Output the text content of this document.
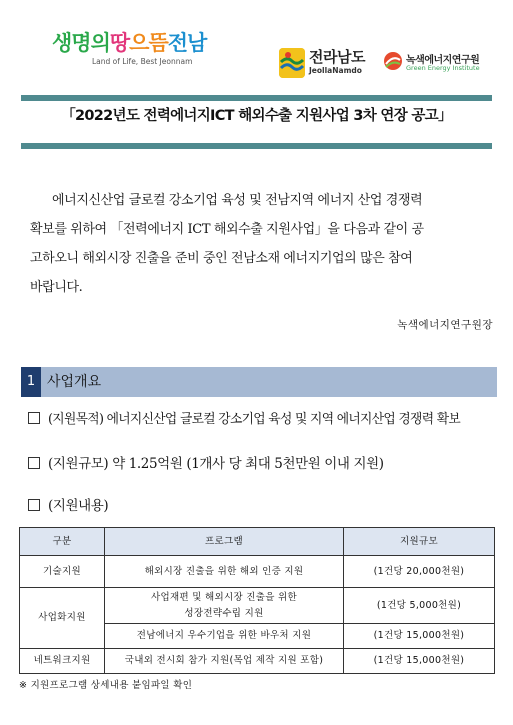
생명의땅으뜸전남
Land of Life, Best Jeonnam	전라남도
JeollaNamdo
녹색에너지연구원
Green Energy Institute
「2022년도 전력에너지ICT 해외수출 지원사업 3차 연장 공고」
에너지신산업 글로컬 강소기업 육성 및 전남지역 에너지 산업 경쟁력
확보를 위하여 「전력에너지 ICT 해외수출 지원사업」을 다음과 같이 공
고하오니 해외시장 진출을 준비 중인 전남소재 에너지기업의 많은 참여
바랍니다.
녹색에너지연구원장
1 사업개요
(지원목적) 에너지신산업 글로컬 강소기업 육성 및 지역 에너지산업 경쟁력 확보
(지원규모) 약 1.25억원 (1개사 당 최대 5천만원 이내 지원)
(지원내용)
구분	프로그램	지원규모
기술지원	해외시장 진출을 위한 해외 인증 지원	(1건당 20,000천원)
사업화지원	사업재편 및 해외시장 진출을 위한
성장전략수립 지원	(1건당 5,000천원)
	전남에너지 우수기업을 위한 바우처 지원	(1건당 15,000천원)
네트워크지원	국내외 전시회 참가 지원(목업 제작 지원 포함)	(1건당 15,000천원)
※ 지원프로그램 상세내용 붙임파일 확인
